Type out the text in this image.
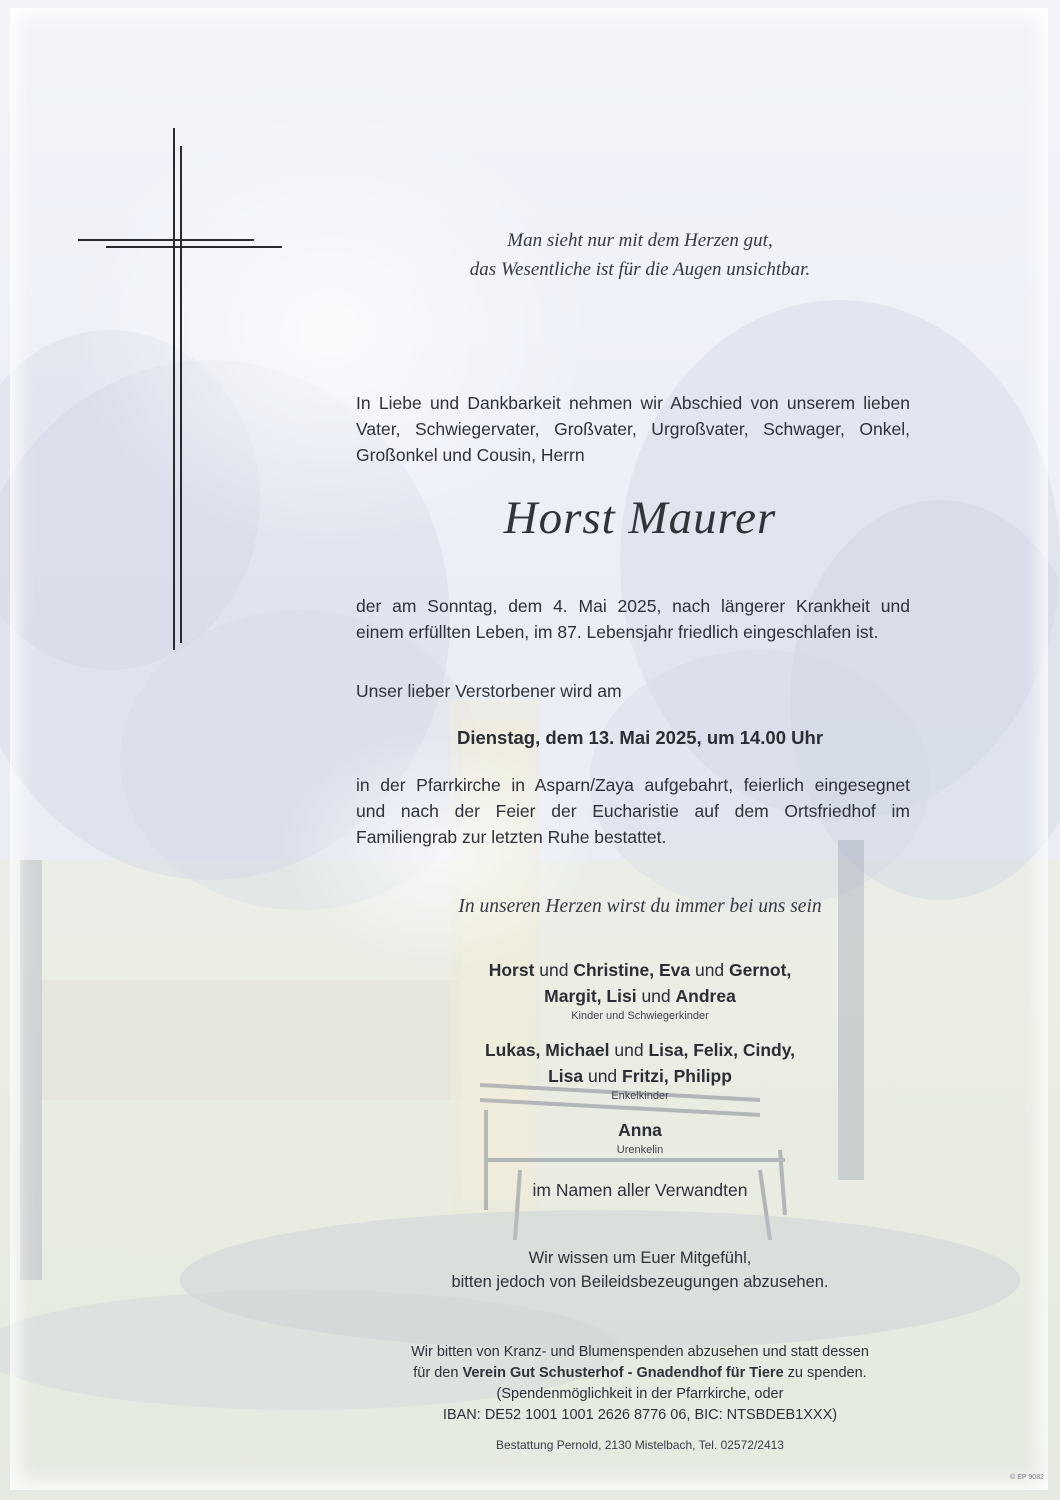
Man sieht nur mit dem Herzen gut,
das Wesentliche ist für die Augen unsichtbar.
In Liebe und Dankbarkeit nehmen wir Abschied von unserem lieben
Vater, Schwiegervater, Großvater, Urgroßvater, Schwager, Onkel,
Großonkel und Cousin, Herrn
Horst Maurer
der am Sonntag, dem 4. Mai 2025, nach längerer Krankheit und
einem erfüllten Leben, im 87. Lebensjahr friedlich eingeschlafen ist.
Unser lieber Verstorbener wird am
Dienstag, dem 13. Mai 2025, um 14.00 Uhr
in der Pfarrkirche in Asparn/Zaya aufgebahrt, feierlich eingesegnet
und nach der Feier der Eucharistie auf dem Ortsfriedhof im
Familiengrab zur letzten Ruhe bestattet.
In unseren Herzen wirst du immer bei uns sein
Horst und Christine, Eva und Gernot,
Margit, Lisi und Andrea
Kinder und Schwiegerkinder
Lukas, Michael und Lisa, Felix, Cindy,
Lisa und Fritzi, Philipp
Enkelkinder
Anna
Urenkelin
im Namen aller Verwandten
Wir wissen um Euer Mitgefühl,
bitten jedoch von Beileidsbezeugungen abzusehen.
Wir bitten von Kranz- und Blumenspenden abzusehen und statt dessen
für den Verein Gut Schusterhof - Gnadendhof für Tiere zu spenden.
(Spendenmöglichkeit in der Pfarrkirche, oder
IBAN: DE52 1001 1001 2626 8776 06, BIC: NTSBDEB1XXX)
Bestattung Pernold, 2130 Mistelbach, Tel. 02572/2413
© EP 9082
